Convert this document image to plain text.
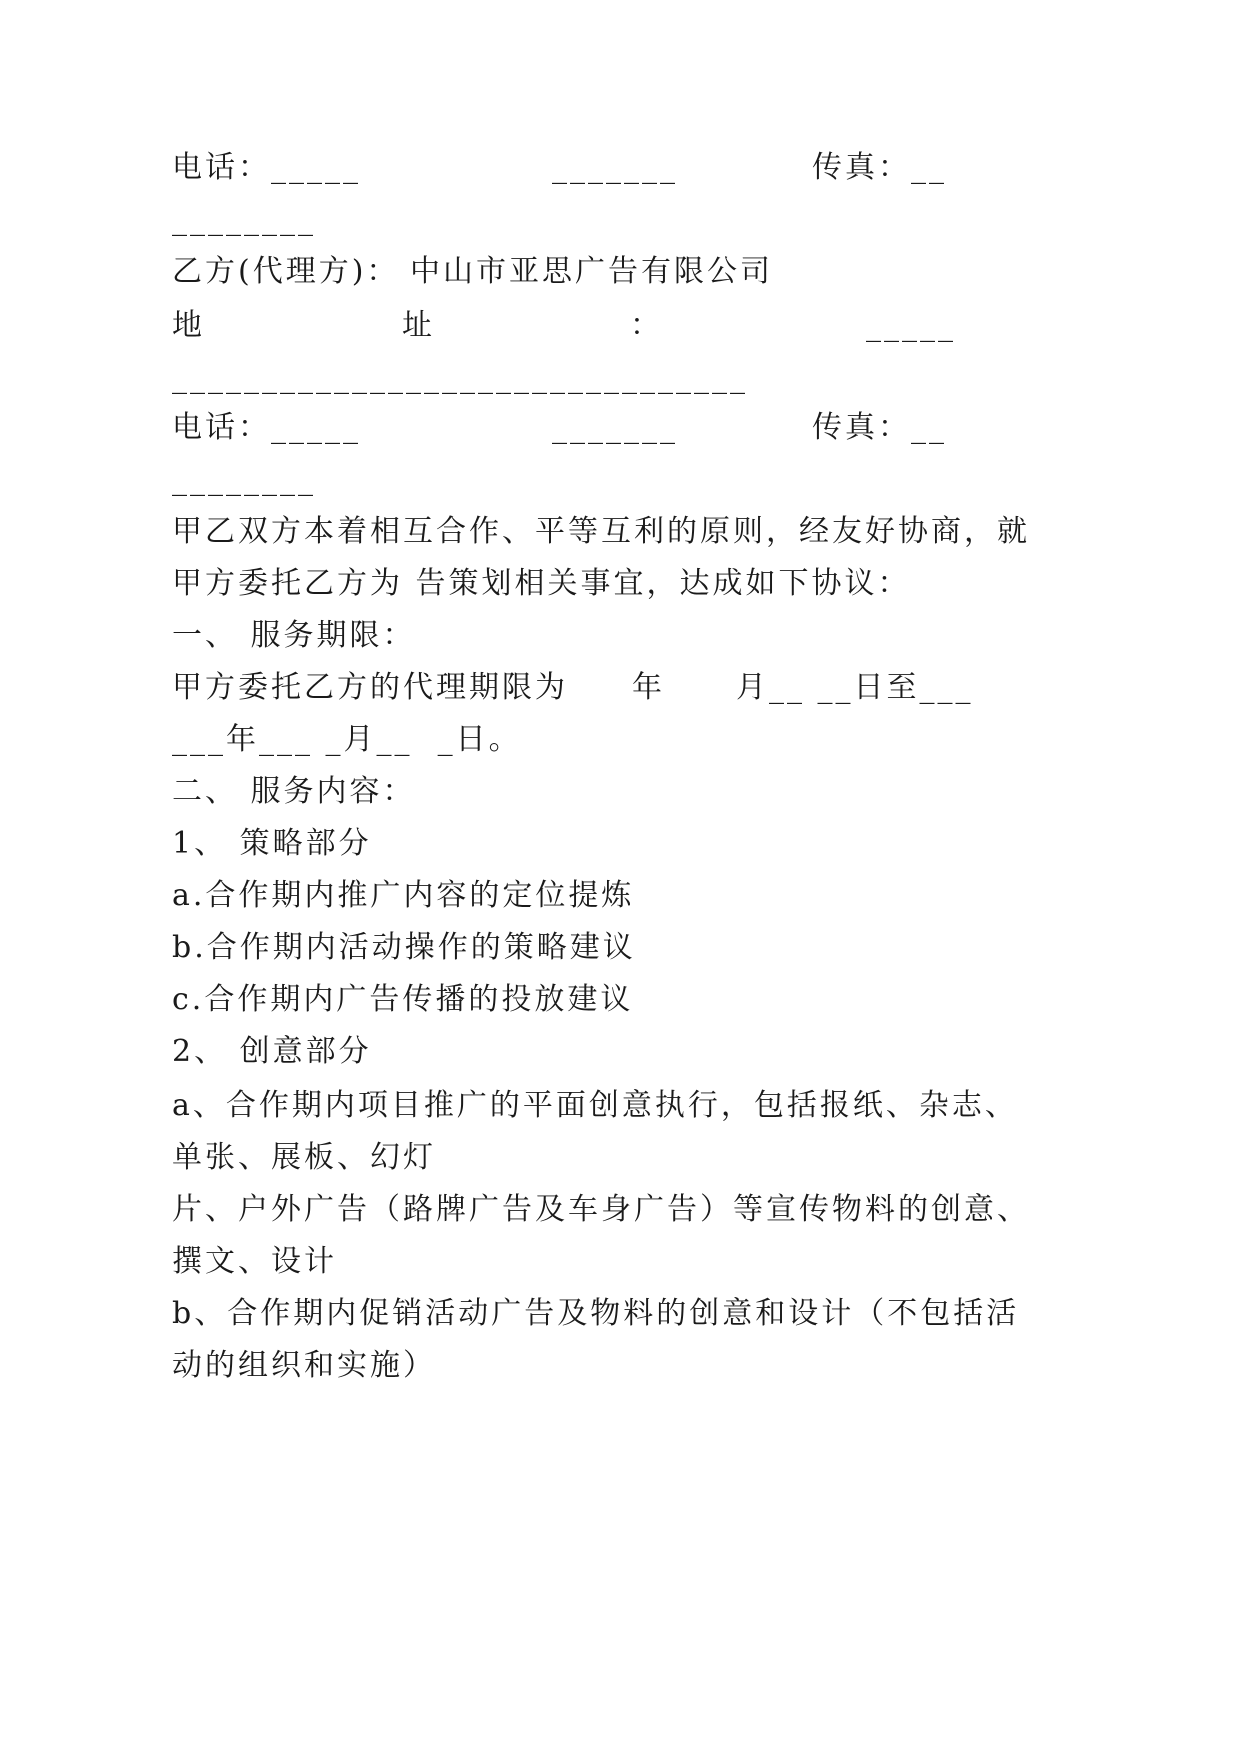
电话：_____	_______	传真：__
________
乙方(代理方)： 中山市亚思广告有限公司
地	址	：	_____
________________________________
电话：_____	_______	传真：__
________
甲乙双方本着相互合作、平等互利的原则，经友好协商，就
甲方委托乙方为 告策划相关事宜，达成如下协议：
一、 服务期限：
甲方委托乙方的代理期限为 年 月__ __日至___
___年___ _月__  _日。
二、 服务内容：
1、 策略部分
a.合作期内推广内容的定位提炼
b.合作期内活动操作的策略建议
c.合作期内广告传播的投放建议
2、 创意部分
a、合作期内项目推广的平面创意执行，包括报纸、杂志、
单张、展板、幻灯
片、户外广告（路牌广告及车身广告）等宣传物料的创意、
撰文、设计
b、合作期内促销活动广告及物料的创意和设计（不包括活
动的组织和实施）
